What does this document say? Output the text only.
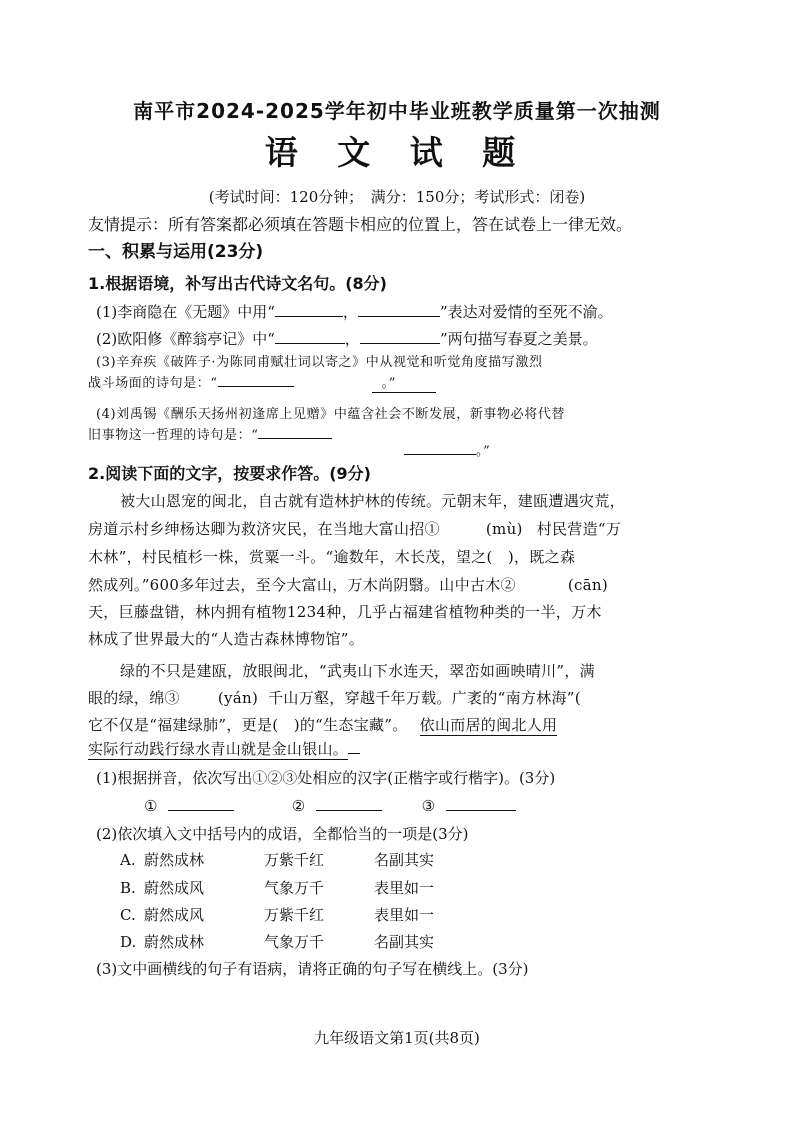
南平市2024-2025学年初中毕业班教学质量第一次抽测
语 文 试 题
(考试时间：120分钟；　满分：150分；考试形式：闭卷)
友情提示：所有答案都必须填在答题卡相应的位置上，答在试卷上一律无效。
一、积累与运用(23分)
1.根据语境，补写出古代诗文名句。(8分)
(1)李商隐在《无题》中用“	，	”表达对爱情的至死不渝。
(2)欧阳修《醉翁亭记》中“	，	”两句描写春夏之美景。
(3)辛弃疾《破阵子·为陈同甫赋壮词以寄之》中从视觉和听觉角度描写激烈
战斗场面的诗句是：“	。”
(4)刘禹锡《酬乐天扬州初逢席上见赠》中蕴含社会不断发展，新事物必将代替
旧事物这一哲理的诗句是：“
。”
2.阅读下面的文字，按要求作答。(9分)
被大山恩宠的闽北，自古就有造林护林的传统。元朝末年，建瓯遭遇灾荒，
房道示村乡绅杨达卿为救济灾民，在当地大富山招①	(mù) 村民营造“万
木林”，村民植杉一株，赏粟一斗。“逾数年，木长茂，望之(　)，既之森
然成列。”600多年过去，至今大富山，万木尚阴翳。山中古木②	(cān)
天，巨藤盘错，林内拥有植物1234种，几乎占福建省植物种类的一半，万木
林成了世界最大的“人造古森林博物馆”。
绿的不只是建瓯，放眼闽北，“武夷山下水连天，翠峦如画映晴川”，满
眼的绿，绵③	(yán) 千山万壑，穿越千年万载。广袤的“南方林海”(
它不仅是“福建绿肺”，更是(　)的“生态宝藏”。 依山而居的闽北人用
实际行动践行绿水青山就是金山银山。
(1)根据拼音，依次写出①②③处相应的汉字(正楷字或行楷字)。(3分)
①	②	③
(2)依次填入文中括号内的成语，全都恰当的一项是(3分)
A. 蔚然成林	万紫千红	名副其实
B. 蔚然成风	气象万千	表里如一
C. 蔚然成风	万紫千红	表里如一
D. 蔚然成林	气象万千	名副其实
(3)文中画横线的句子有语病，请将正确的句子写在横线上。(3分)
九年级语文第1页(共8页)
